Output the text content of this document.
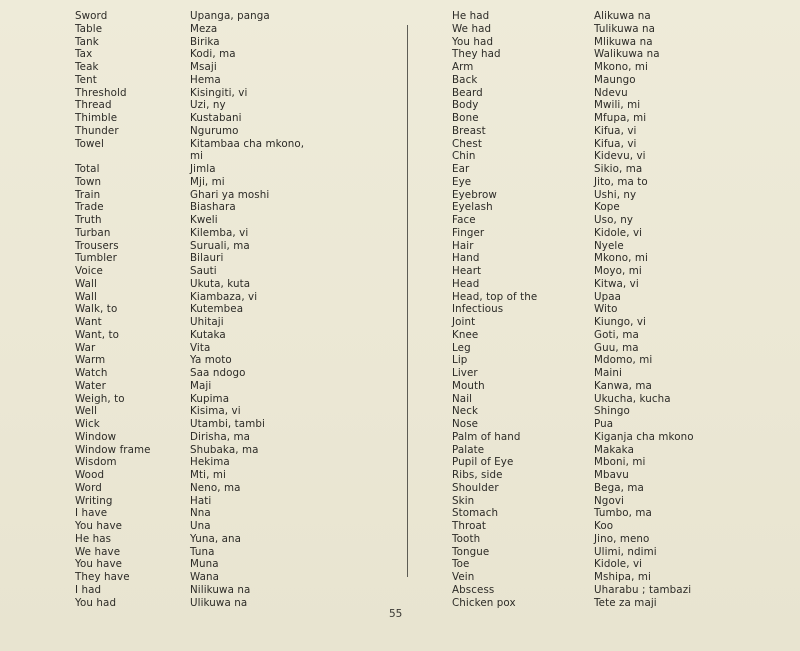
Sword
Table
Tank
Tax
Teak
Tent
Threshold
Thread
Thimble
Thunder
Towel
Total
Town
Train
Trade
Truth
Turban
Trousers
Tumbler
Voice
Wall
Wall
Walk, to
Want
Want, to
War
Warm
Watch
Water
Weigh, to
Well
Wick
Window
Window frame
Wisdom
Wood
Word
Writing
I have
You have
He has
We have
You have
They have
I had
You had
Upanga, panga
Meza
Birika
Kodi, ma
Msaji
Hema
Kisingiti, vi
Uzi, ny
Kustabani
Ngurumo
Kitambaa cha mkono,
mi
Jimla
Mji, mi
Ghari ya moshi
Biashara
Kweli
Kilemba, vi
Suruali, ma
Bilauri
Sauti
Ukuta, kuta
Kiambaza, vi
Kutembea
Uhitaji
Kutaka
Vita
Ya moto
Saa ndogo
Maji
Kupima
Kisima, vi
Utambi, tambi
Dirisha, ma
Shubaka, ma
Hekima
Mti, mi
Neno, ma
Hati
Nna
Una
Yuna, ana
Tuna
Muna
Wana
Nilikuwa na
Ulikuwa na
He had
We had
You had
They had
Arm
Back
Beard
Body
Bone
Breast
Chest
Chin
Ear
Eye
Eyebrow
Eyelash
Face
Finger
Hair
Hand
Heart
Head
Head, top of the
Infectious
Joint
Knee
Leg
Lip
Liver
Mouth
Nail
Neck
Nose
Palm of hand
Palate
Pupil of Eye
Ribs, side
Shoulder
Skin
Stomach
Throat
Tooth
Tongue
Toe
Vein
Abscess
Chicken pox
Alikuwa na
Tulikuwa na
Mlikuwa na
Walikuwa na
Mkono, mi
Maungo
Ndevu
Mwili, mi
Mfupa, mi
Kifua, vi
Kifua, vi
Kidevu, vi
Sikio, ma
Jito, ma to
Ushi, ny
Kope
Uso, ny
Kidole, vi
Nyele
Mkono, mi
Moyo, mi
Kitwa, vi
Upaa
Wito
Kiungo, vi
Goti, ma
Guu, ma
Mdomo, mi
Maini
Kanwa, ma
Ukucha, kucha
Shingo
Pua
Kiganja cha mkono
Makaka
Mboni, mi
Mbavu
Bega, ma
Ngovi
Tumbo, ma
Koo
Jino, meno
Ulimi, ndimi
Kidole, vi
Mshipa, mi
Uharabu ; tambazi
Tete za maji
55
